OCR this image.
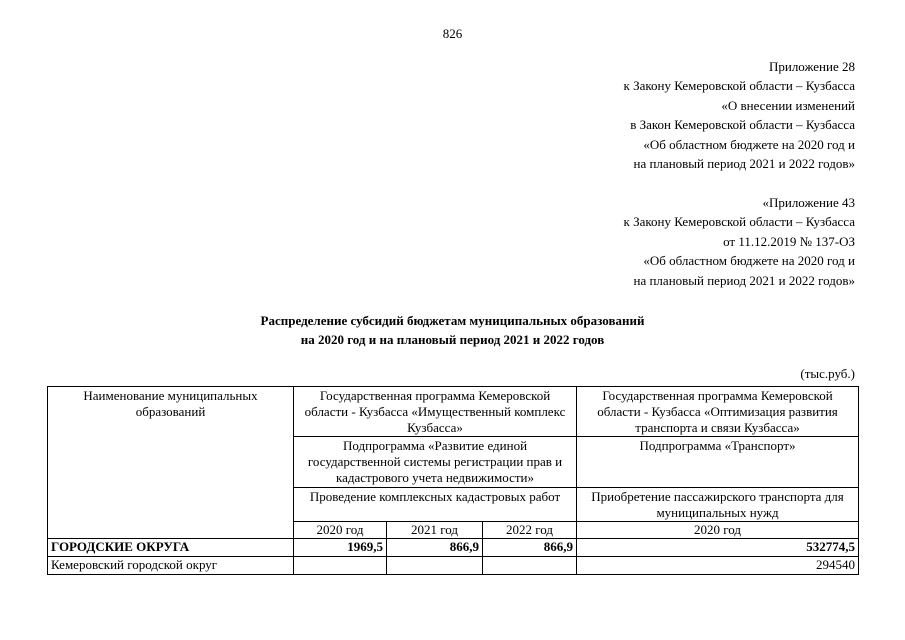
826
Приложение 28
к Закону Кемеровской области – Кузбасса
«О внесении изменений
в Закон Кемеровской области – Кузбасса
«Об областном бюджете на 2020 год и
на плановый период 2021 и 2022 годов»
«Приложение 43
к Закону Кемеровской области – Кузбасса
от 11.12.2019 № 137-ОЗ
«Об областном бюджете на 2020 год и
на плановый период 2021 и 2022 годов»
Распределение субсидий бюджетам муниципальных образований
на 2020 год и на плановый период 2021 и 2022 годов
(тыс.руб.)
Наименование муниципальных образований	Государственная программа Кемеровской области - Кузбасса «Имущественный комплекс Кузбасса»			Государственная программа Кемеровской области - Кузбасса «Оптимизация развития транспорта и связи Кузбасса»
	Подпрограмма «Развитие единой государственной системы регистрации прав и кадастрового учета недвижимости»			Подпрограмма «Транспорт»
	Проведение комплексных кадастровых работ			Приобретение пассажирского транспорта для муниципальных нужд
	2020 год	2021 год	2022 год	2020 год
ГОРОДСКИЕ ОКРУГА	1969,5	866,9	866,9	532774,5
Кемеровский городской округ				294540
